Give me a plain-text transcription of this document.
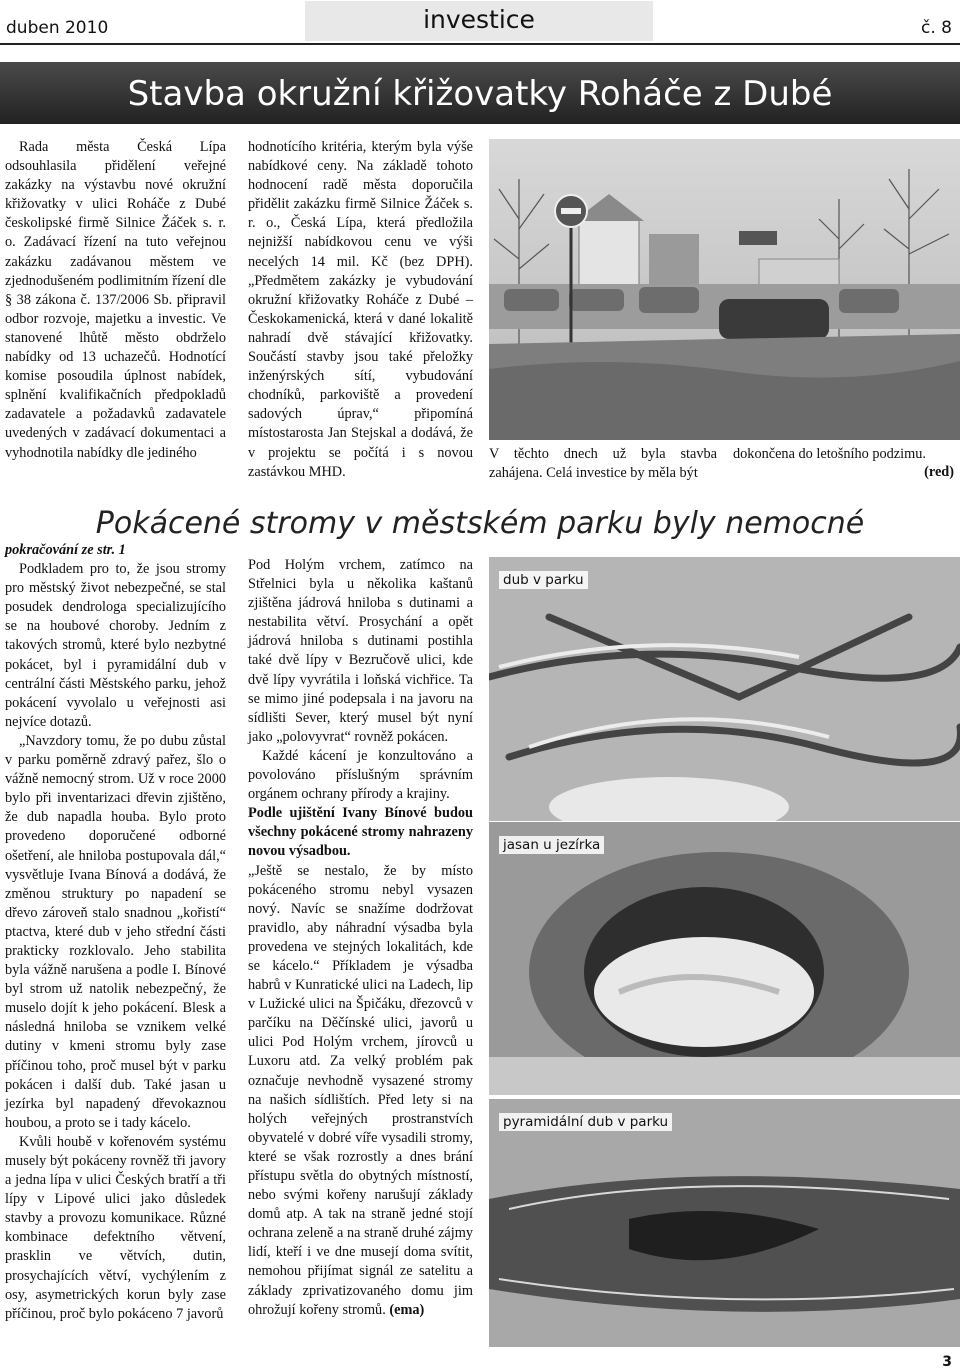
duben 2010	investice	č. 8
Stavba okružní křižovatky Roháče z Dubé

Rada města Česká Lípa odsouhlasila přidělení veřejné zakázky na výstavbu nové okružní křižovatky v ulici Roháče z Dubé českolipské firmě Silnice Žáček s. r. o. Zadávací řízení na tuto veřejnou zakázku zadávanou městem ve zjednodušeném podlimitním řízení dle § 38 zákona č. 137/2006 Sb. připravil odbor rozvoje, majetku a investic. Ve stanovené lhůtě město obdrželo nabídky od 13 uchazečů. Hodnotící komise posoudila úplnost nabídek, splnění kvalifikačních předpokladů zadavatele a požadavků zadavatele uvedených v zadávací dokumentaci a vyhodnotila nabídky dle jediného

hodnotícího kritéria, kterým byla výše nabídkové ceny. Na základě tohoto hodnocení radě města doporučila přidělit zakázku firmě Silnice Žáček s. r. o., Česká Lípa, která předložila nejnižší nabídkovou cenu ve výši necelých 14 mil. Kč (bez DPH). „Předmětem zakázky je vybudování okružní křižovatky Roháče z Dubé – Českokamenická, která v dané lokalitě nahradí dvě stávající křižovatky. Součástí stavby jsou také přeložky inženýrských sítí, vybudování chodníků, parkoviště a provedení sadových úprav,“ připomíná místostarosta Jan Stejskal a dodává, že v projektu se počítá i s novou zastávkou MHD.

V těchto dnech už byla stavba zahájena. Celá investice by měla být
dokončena do letošního podzimu.
(red)
Pokácené stromy v městském parku byly nemocné

pokračování ze str. 1

Podkladem pro to, že jsou stromy pro městský život nebezpečné, se stal posudek dendrologa specializujícího se na houbové choroby. Jedním z takových stromů, které bylo nezbytné pokácet, byl i pyramidální dub v centrální části Městského parku, jehož pokácení vyvolalo u veřejnosti asi nejvíce dotazů.

„Navzdory tomu, že po dubu zůstal v parku poměrně zdravý pařez, šlo o vážně nemocný strom. Už v roce 2000 bylo při inventarizaci dřevin zjištěno, že dub napadla houba. Bylo proto provedeno doporučené odborné ošetření, ale hniloba postupovala dál,“ vysvětluje Ivana Bínová a dodává, že změnou struktury po napadení se dřevo zároveň stalo snadnou „kořistí“ ptactva, které dub v jeho střední části prakticky rozklovalo. Jeho stabilita byla vážně narušena a podle I. Bínové byl strom už natolik nebezpečný, že muselo dojít k jeho pokácení. Blesk a následná hniloba se vznikem velké dutiny v kmeni stromu byly zase příčinou toho, proč musel být v parku pokácen i další dub. Také jasan u jezírka byl napadený dřevokaznou houbou, a proto se i tady kácelo.

Kvůli houbě v kořenovém systému musely být pokáceny rovněž tři javory a jedna lípa v ulici Českých bratří a tři lípy v Lipové ulici jako důsledek stavby a provozu komunikace. Různé kombinace defektního větvení, prasklin ve větvích, dutin, prosychajících větví, vychýlením z osy, asymetrických korun byly zase příčinou, proč bylo pokáceno 7 javorů

Pod Holým vrchem, zatímco na Střelnici byla u několika kaštanů zjištěna jádrová hniloba s dutinami a nestabilita větví. Prosychání a opět jádrová hniloba s dutinami postihla také dvě lípy v Bezručově ulici, kde dvě lípy vyvrátila i loňská vichřice. Ta se mimo jiné podepsala i na javoru na sídlišti Sever, který musel být nyní jako „polovyvrat“ rovněž pokácen.

Každé kácení je konzultováno a povolováno příslušným správním orgánem ochrany přírody a krajiny.

Podle ujištění Ivany Bínové budou všechny pokácené stromy nahrazeny novou výsadbou.

„Ještě se nestalo, že by místo pokáceného stromu nebyl vysazen nový. Navíc se snažíme dodržovat pravidlo, aby náhradní výsadba byla provedena ve stejných lokalitách, kde se kácelo.“ Příkladem je výsadba habrů v Kunratické ulici na Ladech, lip v Lužické ulici na Špičáku, dřezovců v parčíku na Děčínské ulici, javorů u ulici Pod Holým vrchem, jírovců u Luxoru atd. Za velký problém pak označuje nevhodně vysazené stromy na našich sídlištích. Před lety si na holých veřejných prostranstvích obyvatelé v dobré víře vysadili stromy, které se však rozrostly a dnes brání přístupu světla do obytných místností, nebo svými kořeny narušují základy domů atp. A tak na straně jedné stojí ochrana zeleně a na straně druhé zájmy lidí, kteří i ve dne musejí doma svítit, nemohou přijímat signál ze satelitu a základy zprivatizovaného domu jim ohrožují kořeny stromů. (ema)

dub v parku
jasan u jezírka
pyramidální dub v parku
3
